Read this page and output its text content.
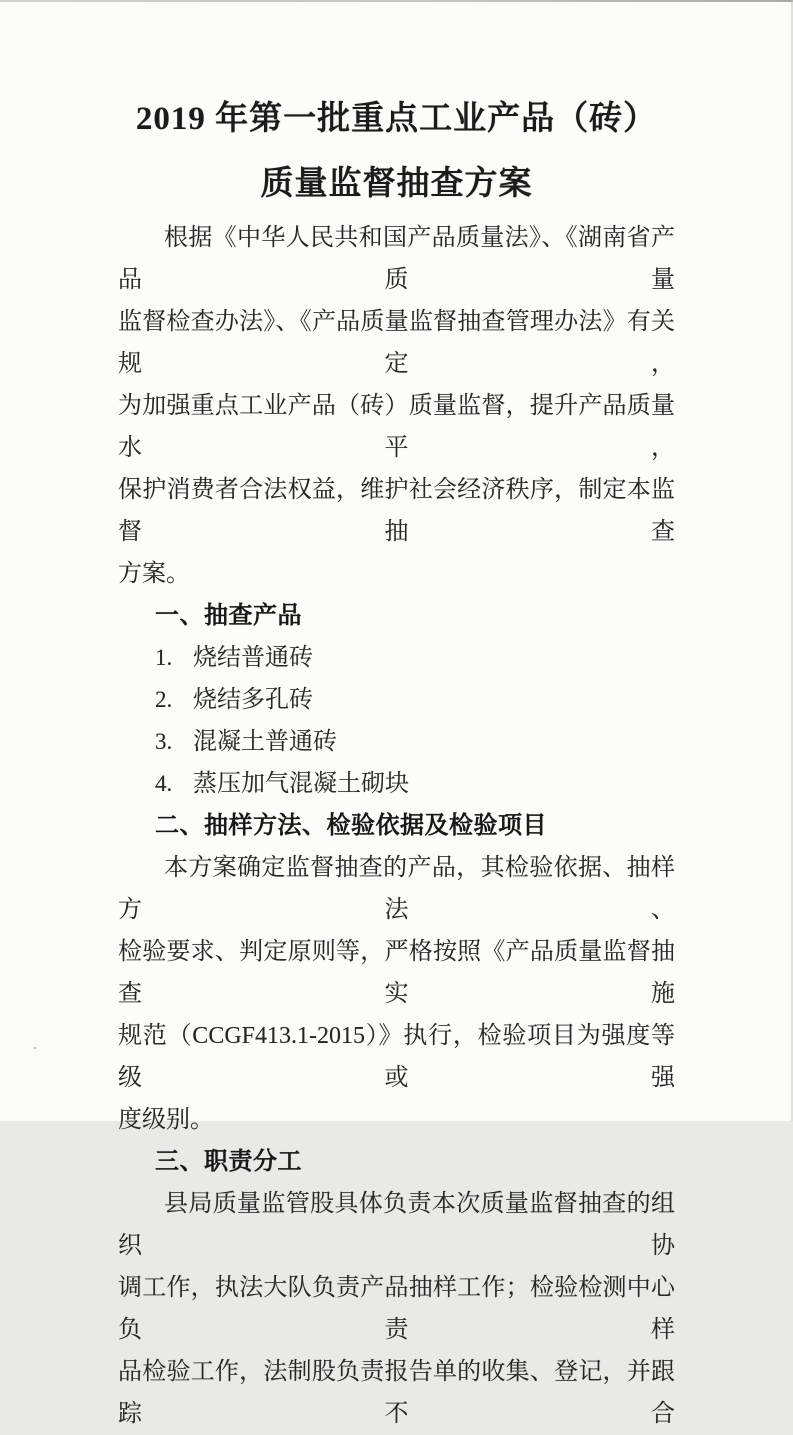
2019 年第一批重点工业产品（砖）
质量监督抽查方案
根据《中华人民共和国产品质量法》、《湖南省产品质量
监督检查办法》、《产品质量监督抽查管理办法》有关规定，
为加强重点工业产品（砖）质量监督，提升产品质量水平，
保护消费者合法权益，维护社会经济秩序，制定本监督抽查
方案。
一、抽查产品
1. 烧结普通砖
2. 烧结多孔砖
3. 混凝土普通砖
4. 蒸压加气混凝土砌块
二、抽样方法、检验依据及检验项目
本方案确定监督抽查的产品，其检验依据、抽样方法、
检验要求、判定原则等，严格按照《产品质量监督抽查实施
规范（CCGF413.1-2015）》执行，检验项目为强度等级或强
度级别。
三、职责分工
县局质量监管股具体负责本次质量监督抽查的组织协
调工作，执法大队负责产品抽样工作；检验检测中心负责样
品检验工作，法制股负责报告单的收集、登记，并跟踪不合
